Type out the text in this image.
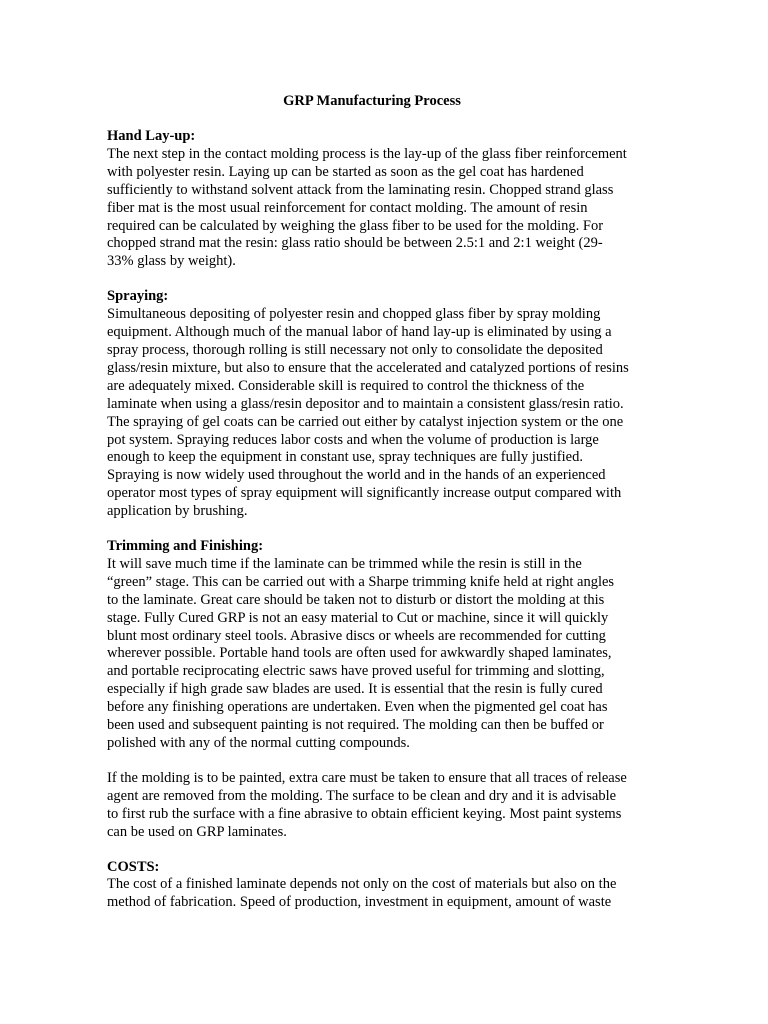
GRP Manufacturing Process
Hand Lay-up:
The next step in the contact molding process is the lay-up of the glass fiber reinforcement
with polyester resin. Laying up can be started as soon as the gel coat has hardened
sufficiently to withstand solvent attack from the laminating resin. Chopped strand glass
fiber mat is the most usual reinforcement for contact molding. The amount of resin
required can be calculated by weighing the glass fiber to be used for the molding. For
chopped strand mat the resin: glass ratio should be between 2.5:1 and 2:1 weight (29-
33% glass by weight).
Spraying:
Simultaneous depositing of polyester resin and chopped glass fiber by spray molding
equipment. Although much of the manual labor of hand lay-up is eliminated by using a
spray process, thorough rolling is still necessary not only to consolidate the deposited
glass/resin mixture, but also to ensure that the accelerated and catalyzed portions of resins
are adequately mixed. Considerable skill is required to control the thickness of the
laminate when using a glass/resin depositor and to maintain a consistent glass/resin ratio.
The spraying of gel coats can be carried out either by catalyst injection system or the one
pot system. Spraying reduces labor costs and when the volume of production is large
enough to keep the equipment in constant use, spray techniques are fully justified.
Spraying is now widely used throughout the world and in the hands of an experienced
operator most types of spray equipment will significantly increase output compared with
application by brushing.
Trimming and Finishing:
It will save much time if the laminate can be trimmed while the resin is still in the
“green” stage. This can be carried out with a Sharpe trimming knife held at right angles
to the laminate. Great care should be taken not to disturb or distort the molding at this
stage. Fully Cured GRP is not an easy material to Cut or machine, since it will quickly
blunt most ordinary steel tools. Abrasive discs or wheels are recommended for cutting
wherever possible. Portable hand tools are often used for awkwardly shaped laminates,
and portable reciprocating electric saws have proved useful for trimming and slotting,
especially if high grade saw blades are used. It is essential that the resin is fully cured
before any finishing operations are undertaken. Even when the pigmented gel coat has
been used and subsequent painting is not required. The molding can then be buffed or
polished with any of the normal cutting compounds.
If the molding is to be painted, extra care must be taken to ensure that all traces of release
agent are removed from the molding. The surface to be clean and dry and it is advisable
to first rub the surface with a fine abrasive to obtain efficient keying. Most paint systems
can be used on GRP laminates.
COSTS:
The cost of a finished laminate depends not only on the cost of materials but also on the
method of fabrication. Speed of production, investment in equipment, amount of waste
